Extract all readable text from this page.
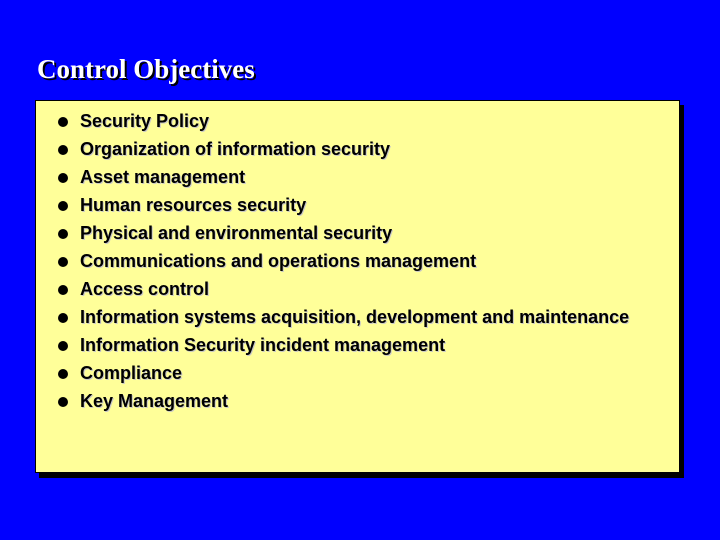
Control Objectives
Security Policy
Organization of information security
Asset management
Human resources security
Physical and environmental security
Communications and operations management
Access control
Information systems acquisition, development and maintenance
Information Security incident management
Compliance
Key Management
